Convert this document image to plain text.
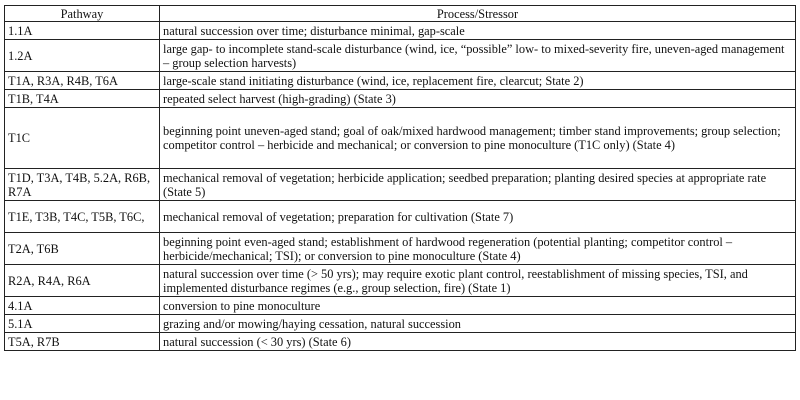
Pathway	Process/Stressor
1.1A	natural succession over time; disturbance minimal, gap-scale
1.2A	large gap- to incomplete stand-scale disturbance (wind, ice, “possible” low- to mixed-severity fire, uneven-aged management – group selection harvests)
T1A, R3A, R4B, T6A	large-scale stand initiating disturbance (wind, ice, replacement fire, clearcut; State 2)
T1B, T4A	repeated select harvest (high-grading) (State 3)
T1C	beginning point uneven-aged stand; goal of oak/mixed hardwood management; timber stand improvements; group selection; competitor control – herbicide and mechanical; or conversion to pine monoculture (T1C only) (State 4)
T1D, T3A, T4B, 5.2A, R6B, R7A	mechanical removal of vegetation; herbicide application; seedbed preparation; planting desired species at appropriate rate (State 5)
T1E, T3B, T4C, T5B, T6C,	mechanical removal of vegetation; preparation for cultivation (State 7)
T2A, T6B	beginning point even-aged stand; establishment of hardwood regeneration (potential planting; competitor control – herbicide/mechanical; TSI); or conversion to pine monoculture (State 4)
R2A, R4A, R6A	natural succession over time (> 50 yrs); may require exotic plant control, reestablishment of missing species, TSI, and implemented disturbance regimes (e.g., group selection, fire) (State 1)
4.1A	conversion to pine monoculture
5.1A	grazing and/or mowing/haying cessation, natural succession
T5A, R7B	natural succession (< 30 yrs) (State 6)
